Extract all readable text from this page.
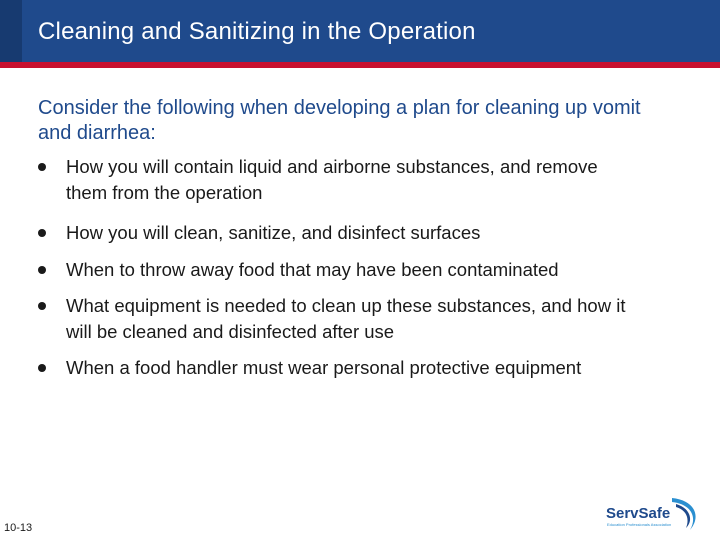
Cleaning and Sanitizing in the Operation
Consider the following when developing a plan for cleaning up vomit and diarrhea:
How you will contain liquid and airborne substances, and remove them from the operation
How you will clean, sanitize, and disinfect surfaces
When to throw away food that may have been contaminated
What equipment is needed to clean up these substances, and how it will be cleaned and disinfected after use
When a food handler must wear personal protective equipment
10-13
ServSafe
Education Professionals Association
